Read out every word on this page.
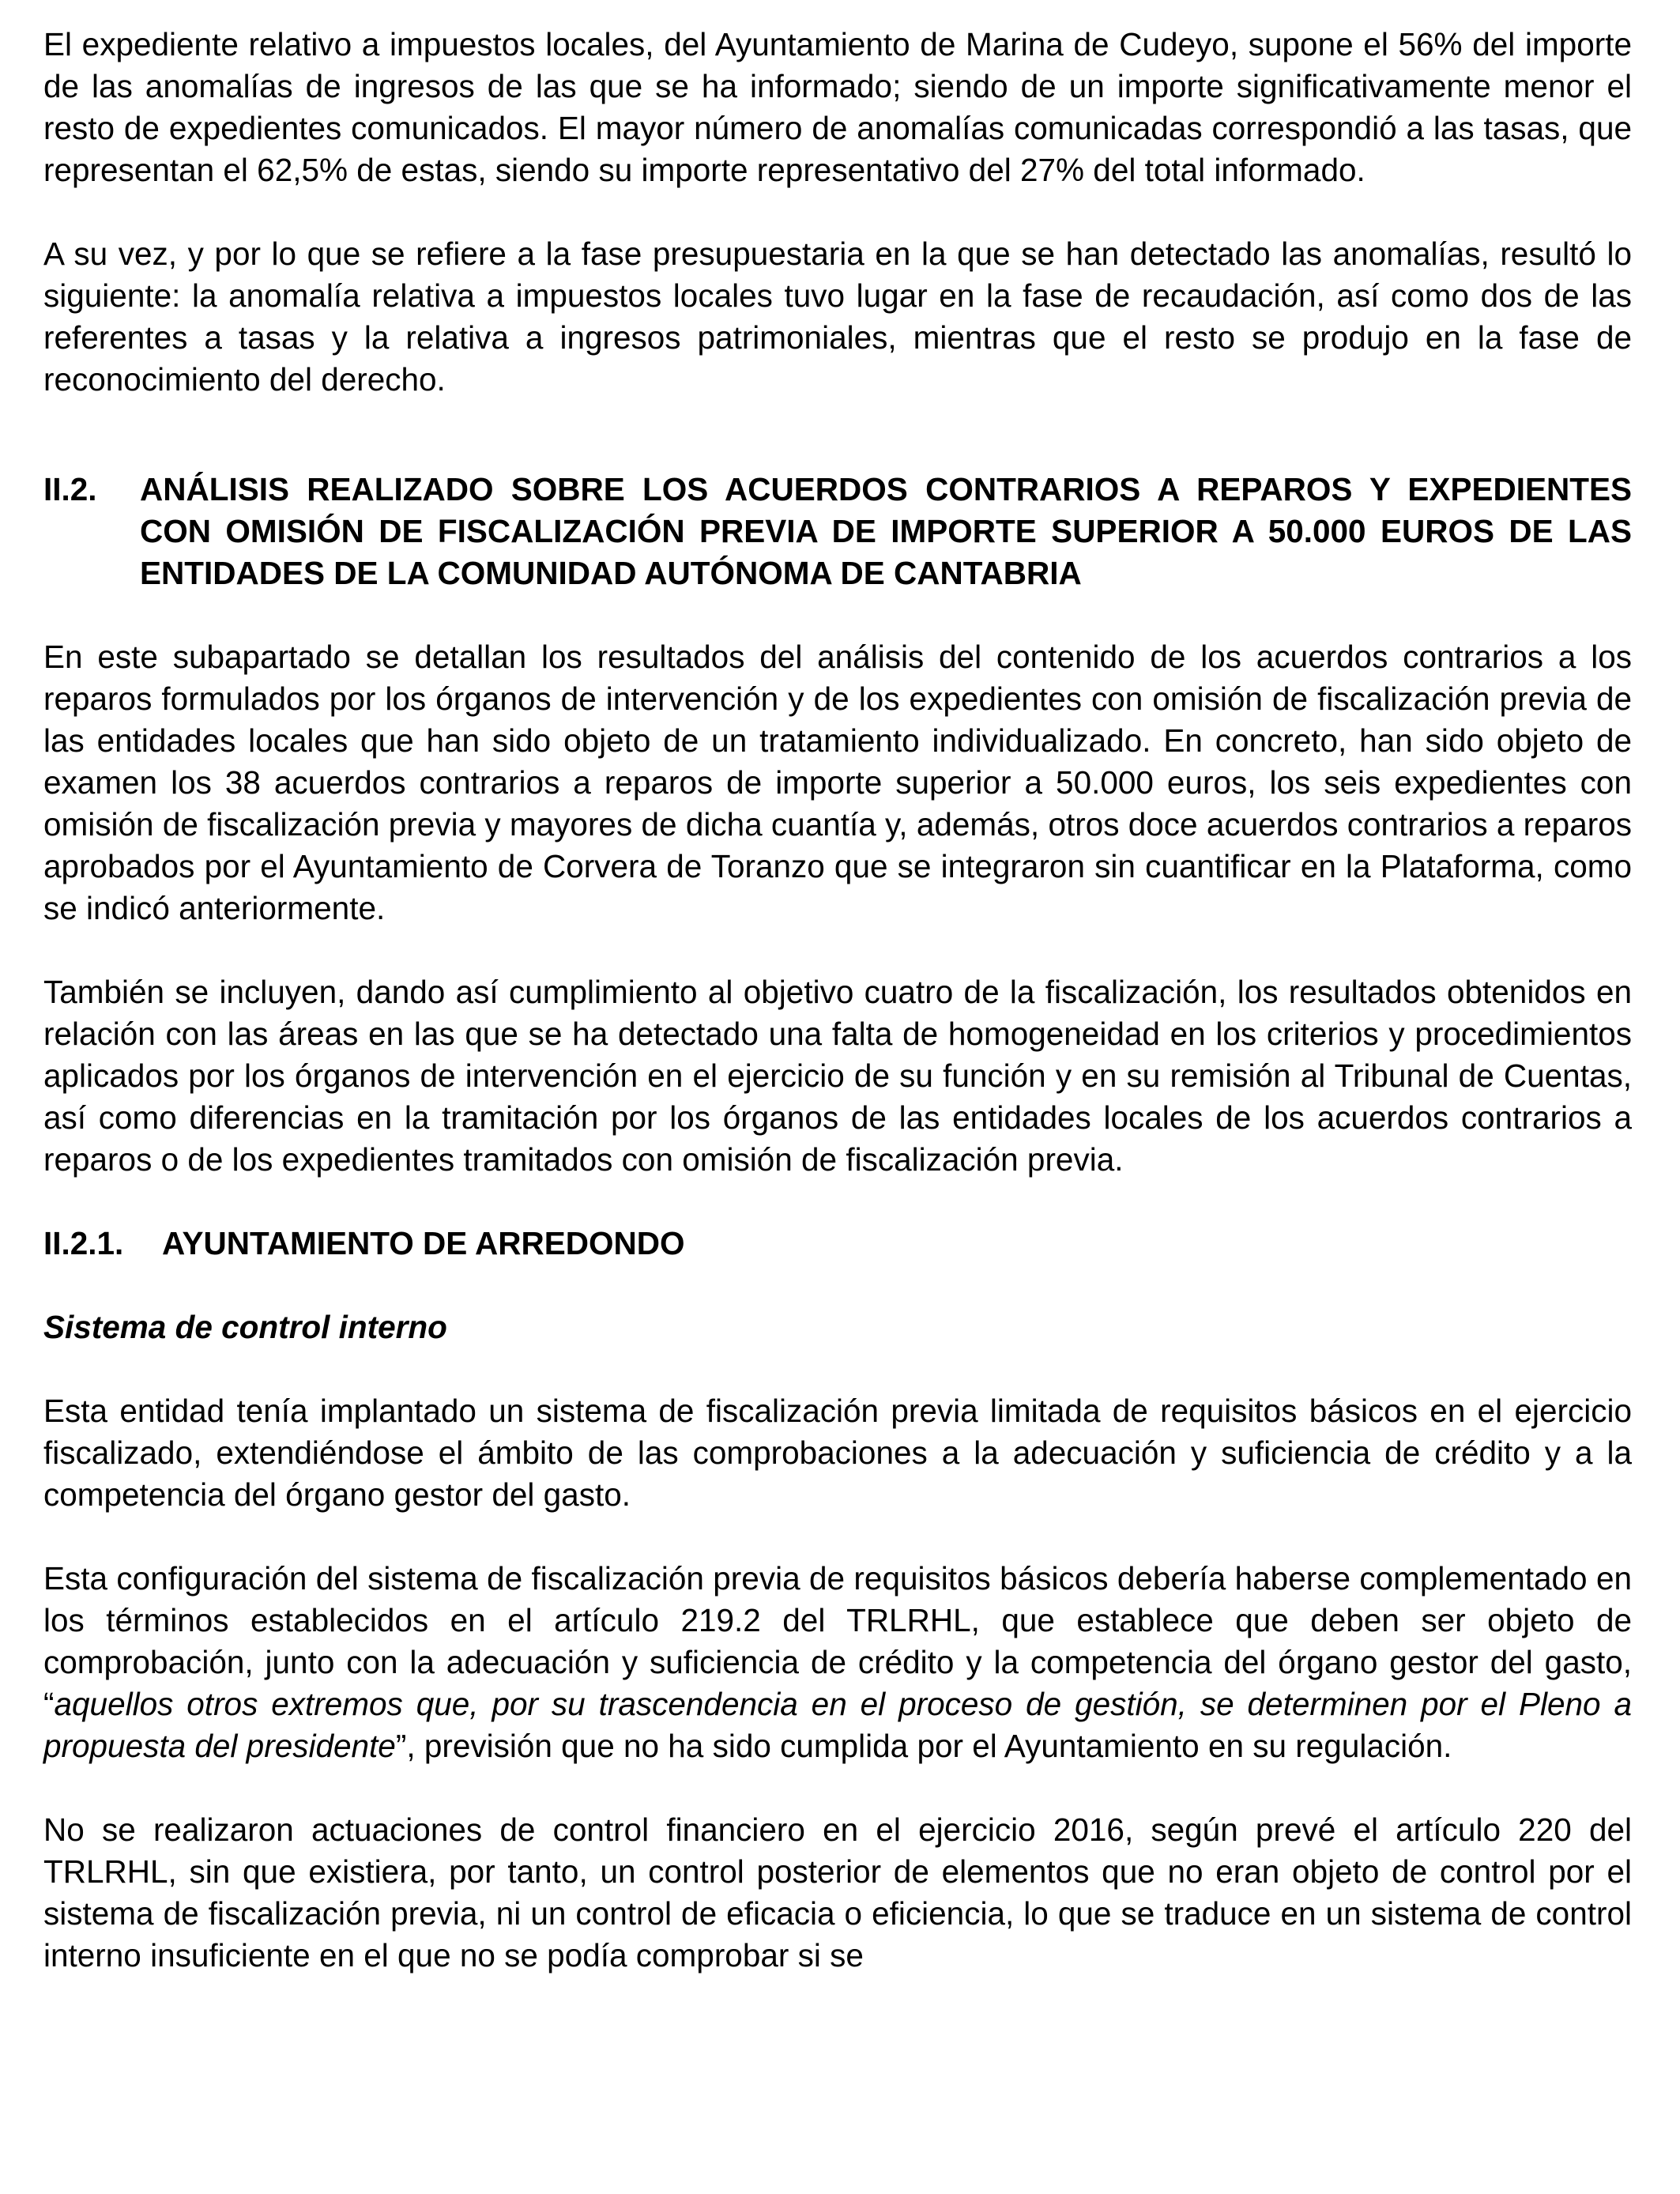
El expediente relativo a impuestos locales, del Ayuntamiento de Marina de Cudeyo, supone el 56% del importe de las anomalías de ingresos de las que se ha informado; siendo de un importe significativamente menor el resto de expedientes comunicados. El mayor número de anomalías comunicadas correspondió a las tasas, que representan el 62,5% de estas, siendo su importe representativo del 27% del total informado.

A su vez, y por lo que se refiere a la fase presupuestaria en la que se han detectado las anomalías, resultó lo siguiente: la anomalía relativa a impuestos locales tuvo lugar en la fase de recaudación, así como dos de las referentes a tasas y la relativa a ingresos patrimoniales, mientras que el resto se produjo en la fase de reconocimiento del derecho.

II.2.	ANÁLISIS REALIZADO SOBRE LOS ACUERDOS CONTRARIOS A REPAROS Y EXPEDIENTES CON OMISIÓN DE FISCALIZACIÓN PREVIA DE IMPORTE SUPERIOR A 50.000 EUROS DE LAS ENTIDADES DE LA COMUNIDAD AUTÓNOMA DE CANTABRIA

En este subapartado se detallan los resultados del análisis del contenido de los acuerdos contrarios a los reparos formulados por los órganos de intervención y de los expedientes con omisión de fiscalización previa de las entidades locales que han sido objeto de un tratamiento individualizado. En concreto, han sido objeto de examen los 38 acuerdos contrarios a reparos de importe superior a 50.000 euros, los seis expedientes con omisión de fiscalización previa y mayores de dicha cuantía y, además, otros doce acuerdos contrarios a reparos aprobados por el Ayuntamiento de Corvera de Toranzo que se integraron sin cuantificar en la Plataforma, como se indicó anteriormente.

También se incluyen, dando así cumplimiento al objetivo cuatro de la fiscalización, los resultados obtenidos en relación con las áreas en las que se ha detectado una falta de homogeneidad en los criterios y procedimientos aplicados por los órganos de intervención en el ejercicio de su función y en su remisión al Tribunal de Cuentas, así como diferencias en la tramitación por los órganos de las entidades locales de los acuerdos contrarios a reparos o de los expedientes tramitados con omisión de fiscalización previa.

II.2.1. AYUNTAMIENTO DE ARREDONDO
Sistema de control interno

Esta entidad tenía implantado un sistema de fiscalización previa limitada de requisitos básicos en el ejercicio fiscalizado, extendiéndose el ámbito de las comprobaciones a la adecuación y suficiencia de crédito y a la competencia del órgano gestor del gasto.

Esta configuración del sistema de fiscalización previa de requisitos básicos debería haberse complementado en los términos establecidos en el artículo 219.2 del TRLRHL, que establece que deben ser objeto de comprobación, junto con la adecuación y suficiencia de crédito y la competencia del órgano gestor del gasto, “aquellos otros extremos que, por su trascendencia en el proceso de gestión, se determinen por el Pleno a propuesta del presidente”, previsión que no ha sido cumplida por el Ayuntamiento en su regulación.

No se realizaron actuaciones de control financiero en el ejercicio 2016, según prevé el artículo 220 del TRLRHL, sin que existiera, por tanto, un control posterior de elementos que no eran objeto de control por el sistema de fiscalización previa, ni un control de eficacia o eficiencia, lo que se traduce en un sistema de control interno insuficiente en el que no se podía comprobar si se
